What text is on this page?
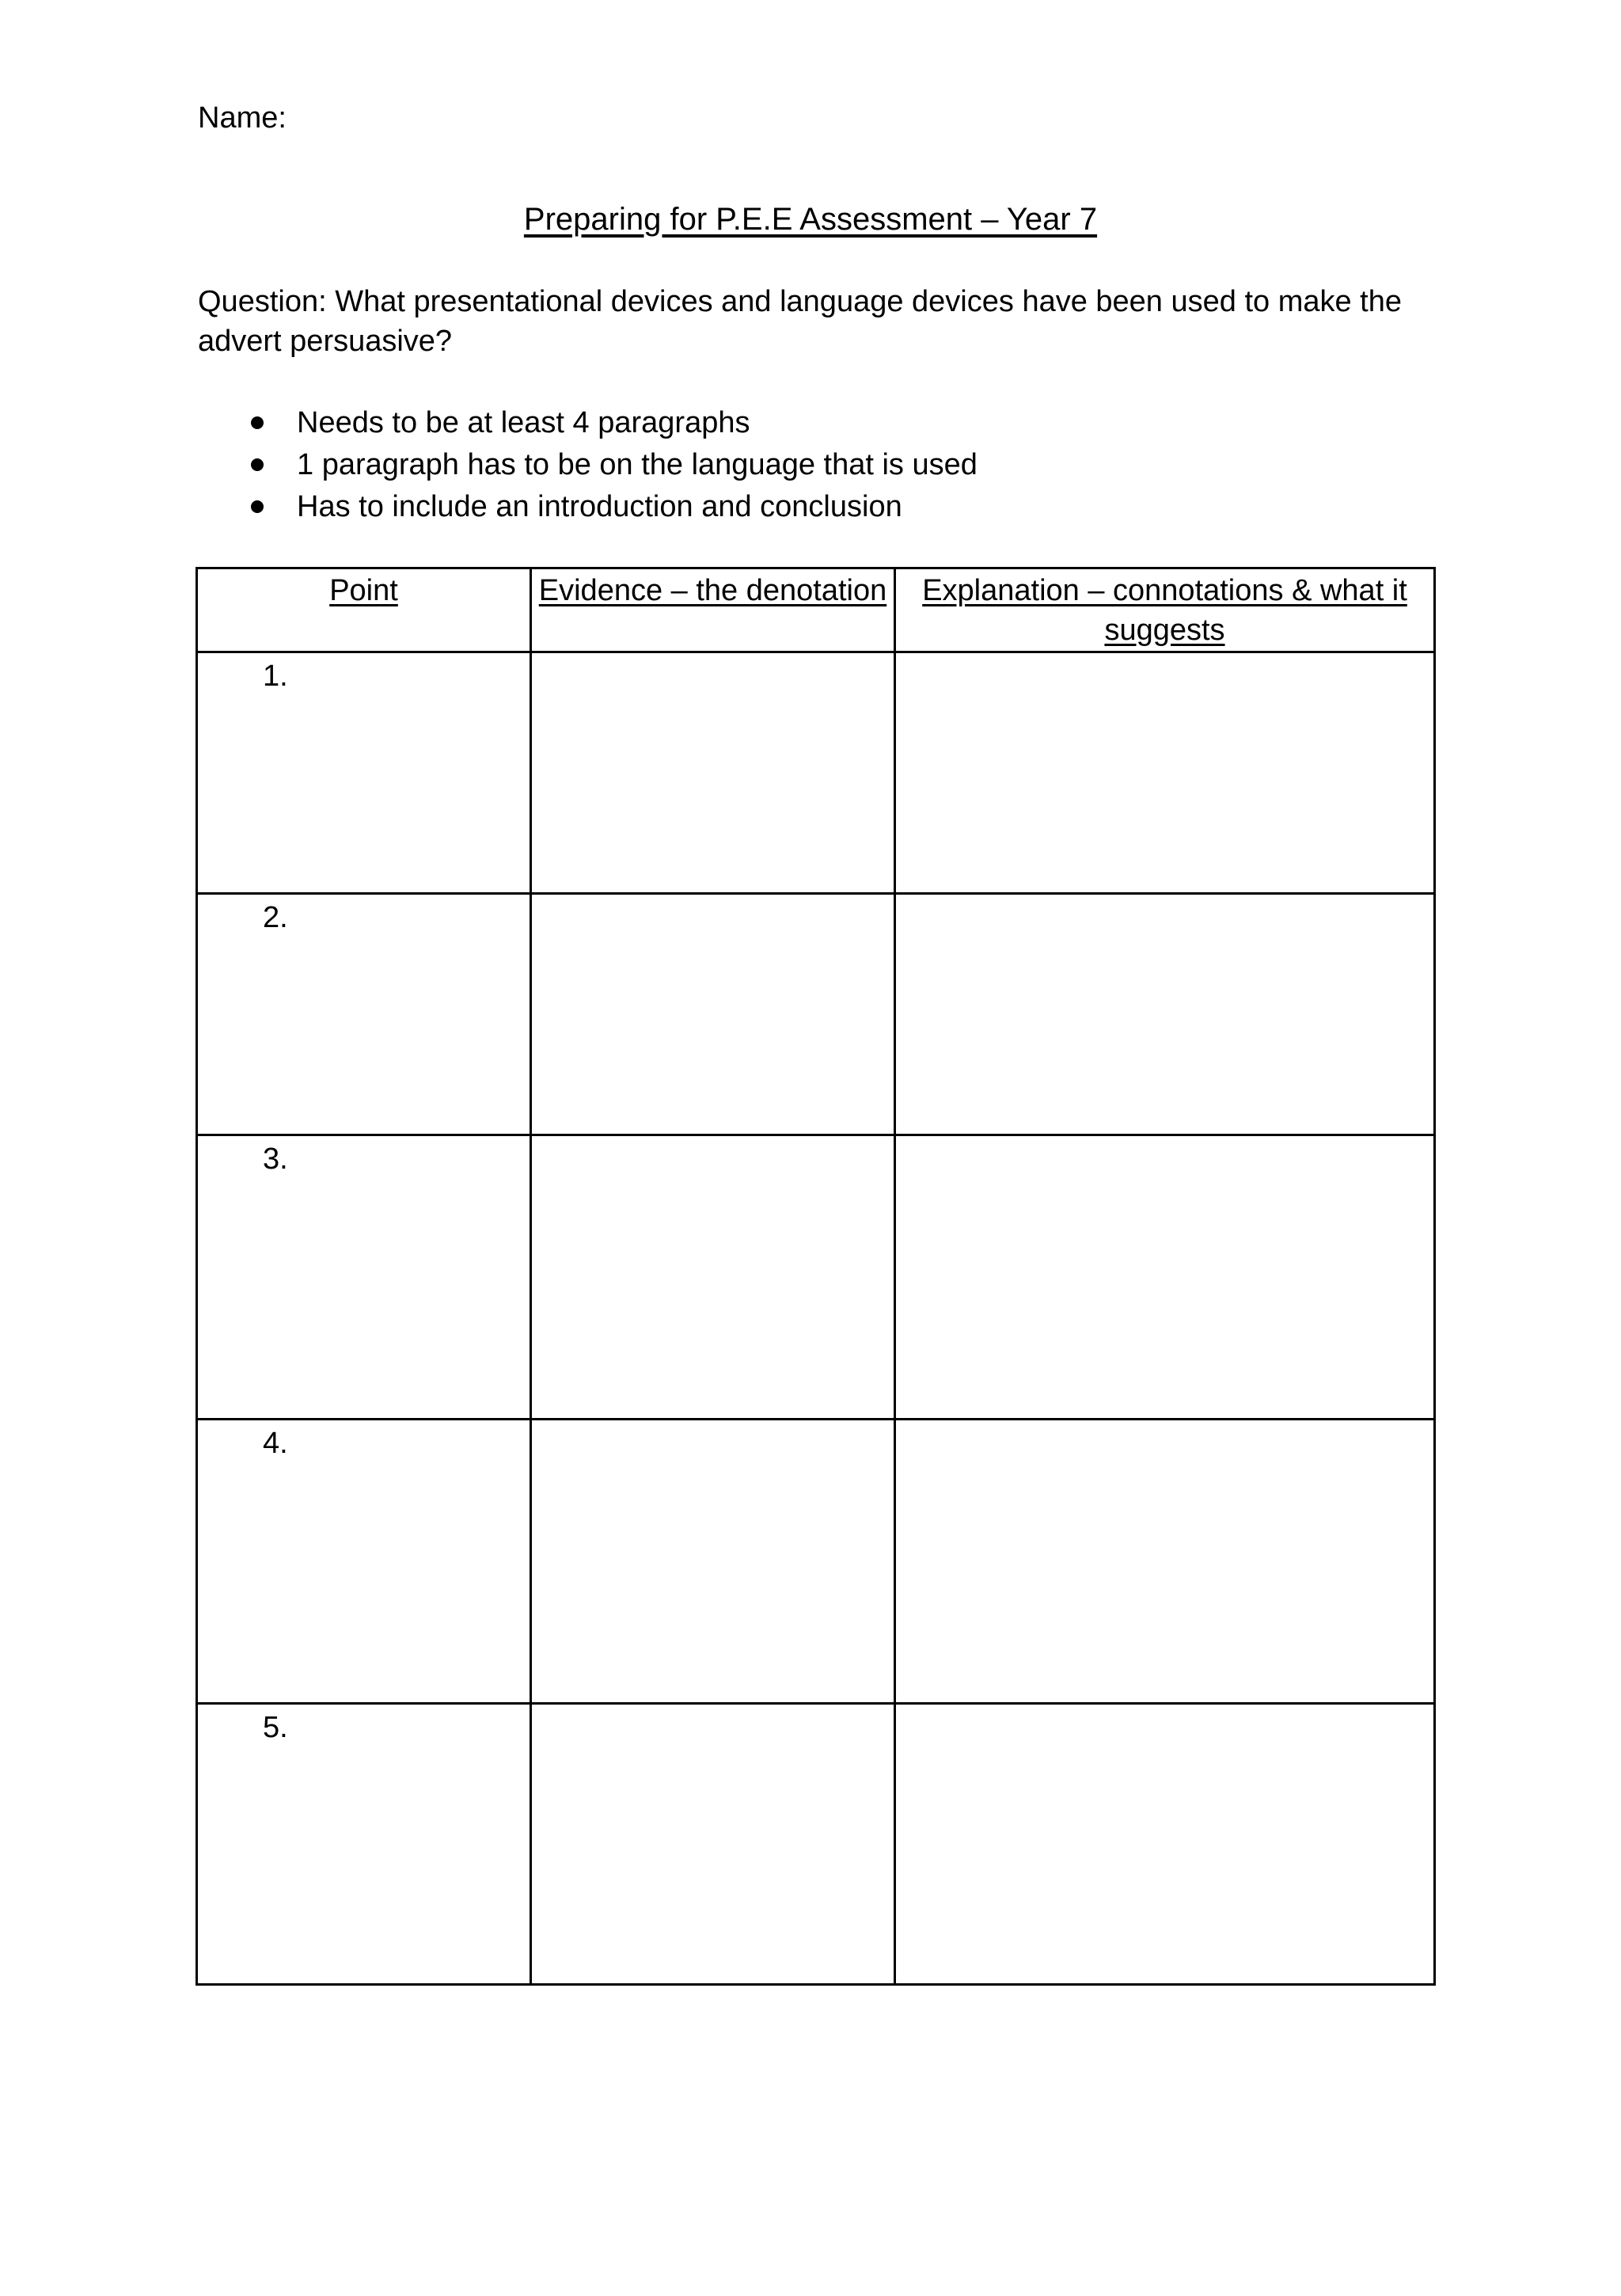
Name:
Preparing for P.E.E Assessment – Year 7
Question: What presentational devices and language devices have been used to make the advert persuasive?
Needs to be at least 4 paragraphs
1 paragraph has to be on the language that is used
Has to include an introduction and conclusion
Point	Evidence – the denotation	Explanation – connotations & what it suggests

1.		

2.		

3.		

4.		

5.		
